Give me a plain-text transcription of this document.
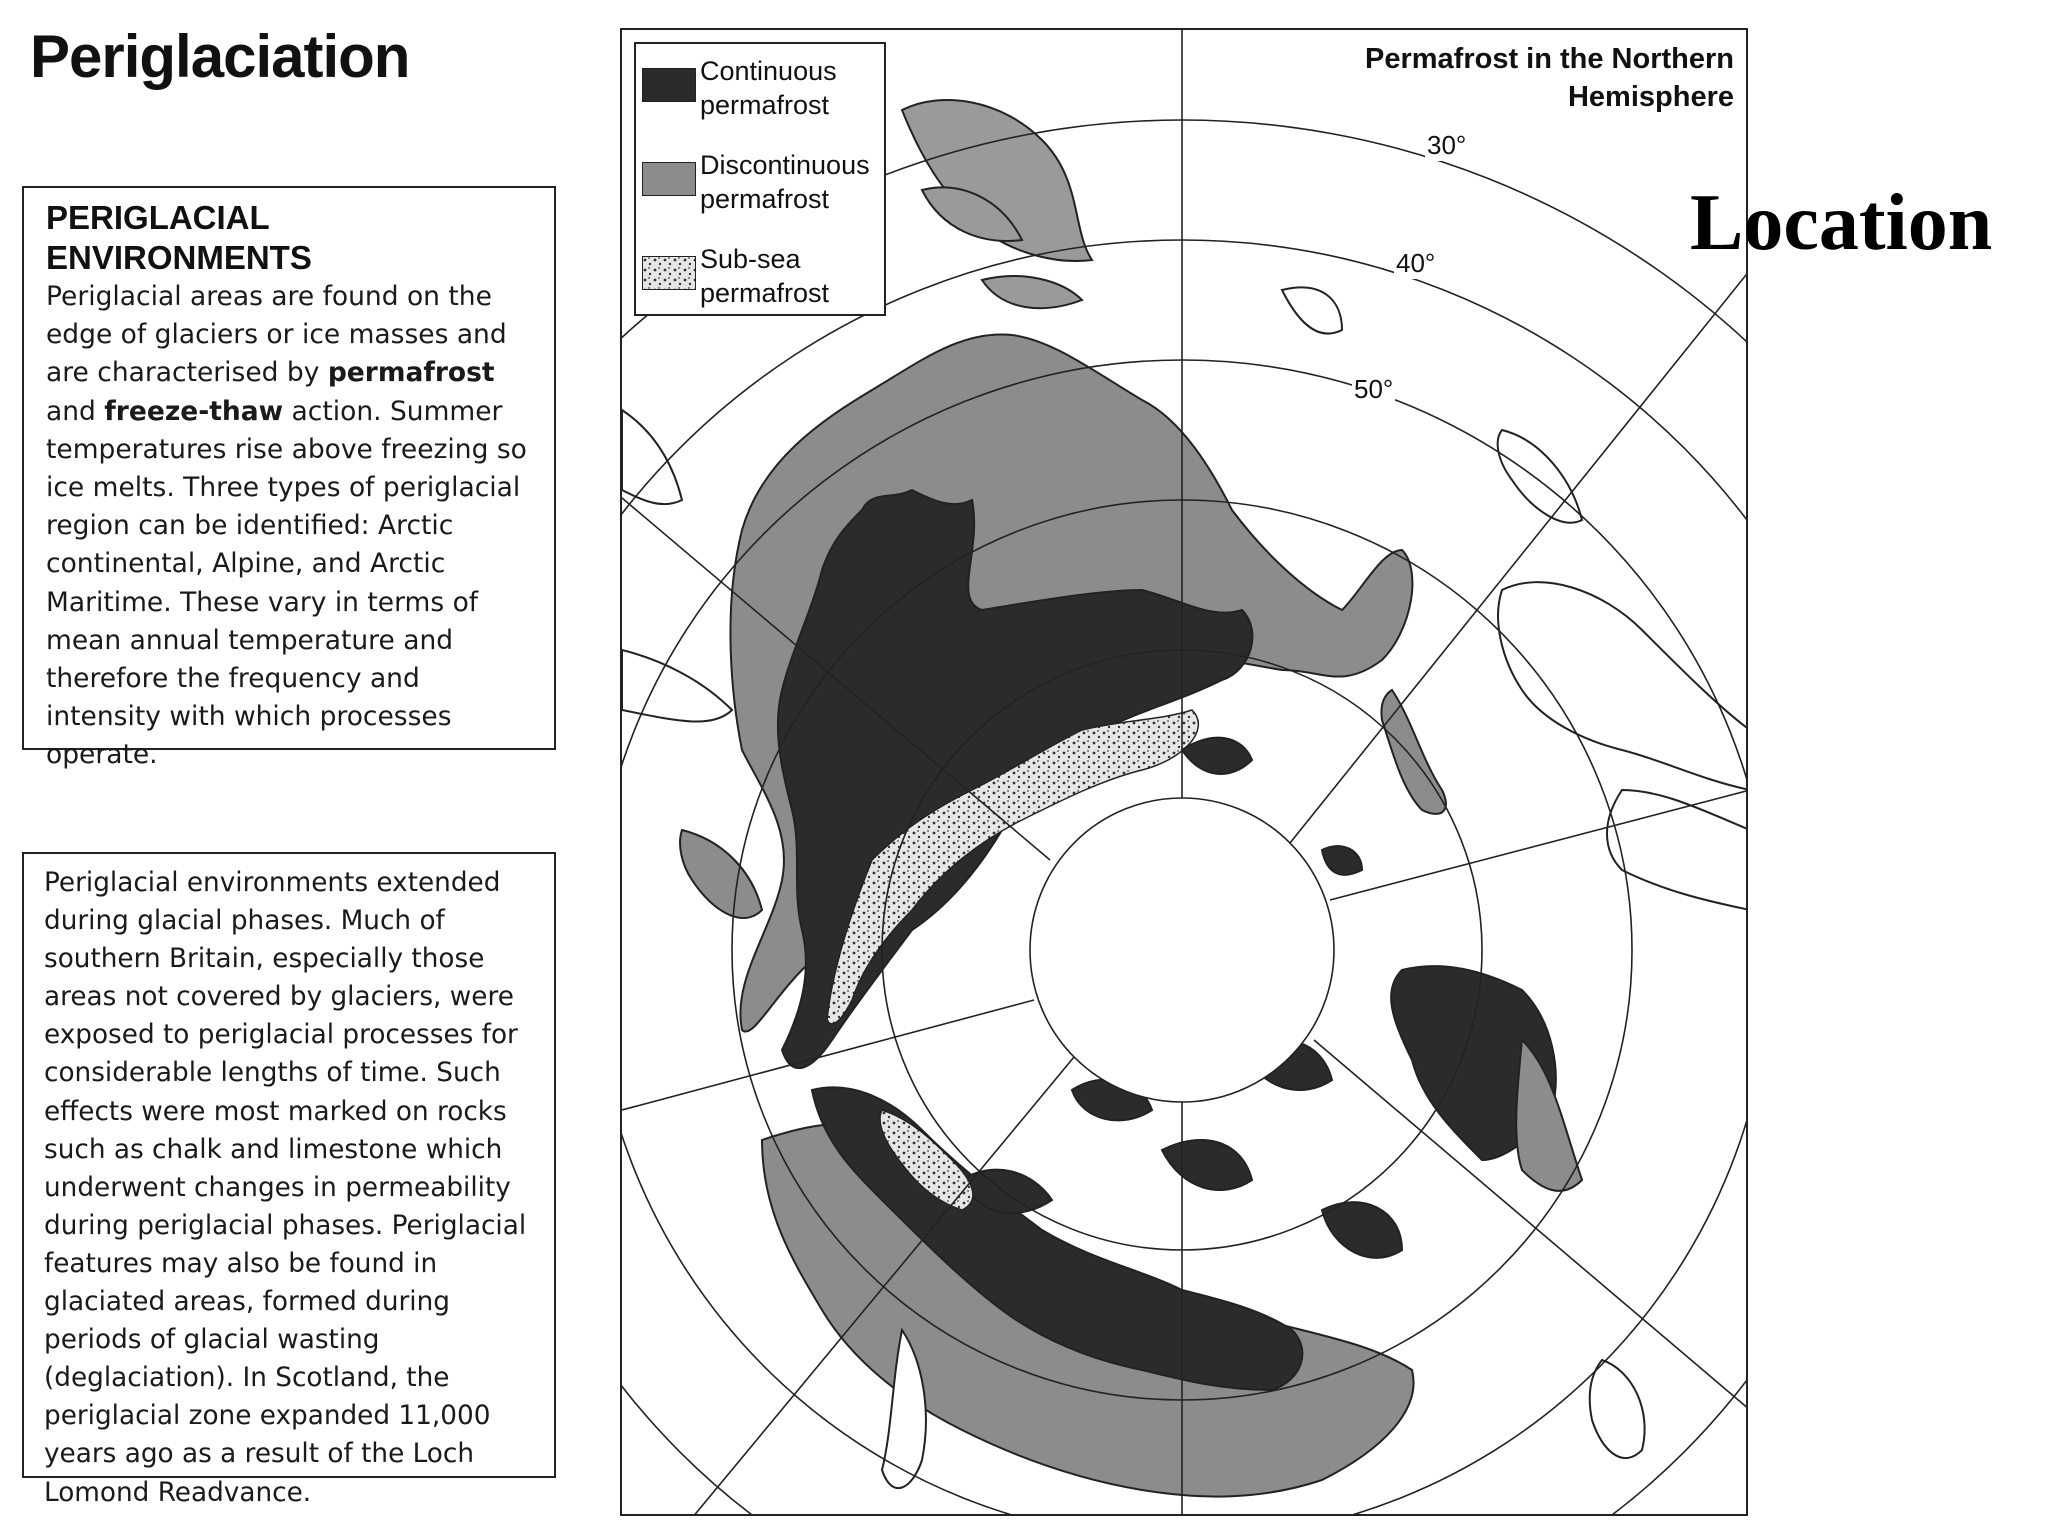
Periglaciation
PERIGLACIAL
ENVIRONMENTS
Periglacial areas are found on the edge of glaciers or ice masses and are characterised by permafrost and freeze-thaw action. Summer temperatures rise above freezing so ice melts. Three types of periglacial region can be identified: Arctic continental, Alpine, and Arctic Maritime. These vary in terms of mean annual temperature and therefore the frequency and intensity with which processes operate.
Periglacial environments extended during glacial phases. Much of southern Britain, especially those areas not covered by glaciers, were exposed to periglacial processes for considerable lengths of time. Such effects were most marked on rocks such as chalk and limestone which underwent changes in permeability during periglacial phases. Periglacial features may also be found in glaciated areas, formed during periods of glacial wasting (deglaciation). In Scotland, the periglacial zone expanded 11,000 years ago as a result of the Loch Lomond Readvance.
Permafrost in the Northern
Hemisphere
30°
40°
50°
Continuous
permafrost
Discontinuous
permafrost
Sub-sea
permafrost
Location
